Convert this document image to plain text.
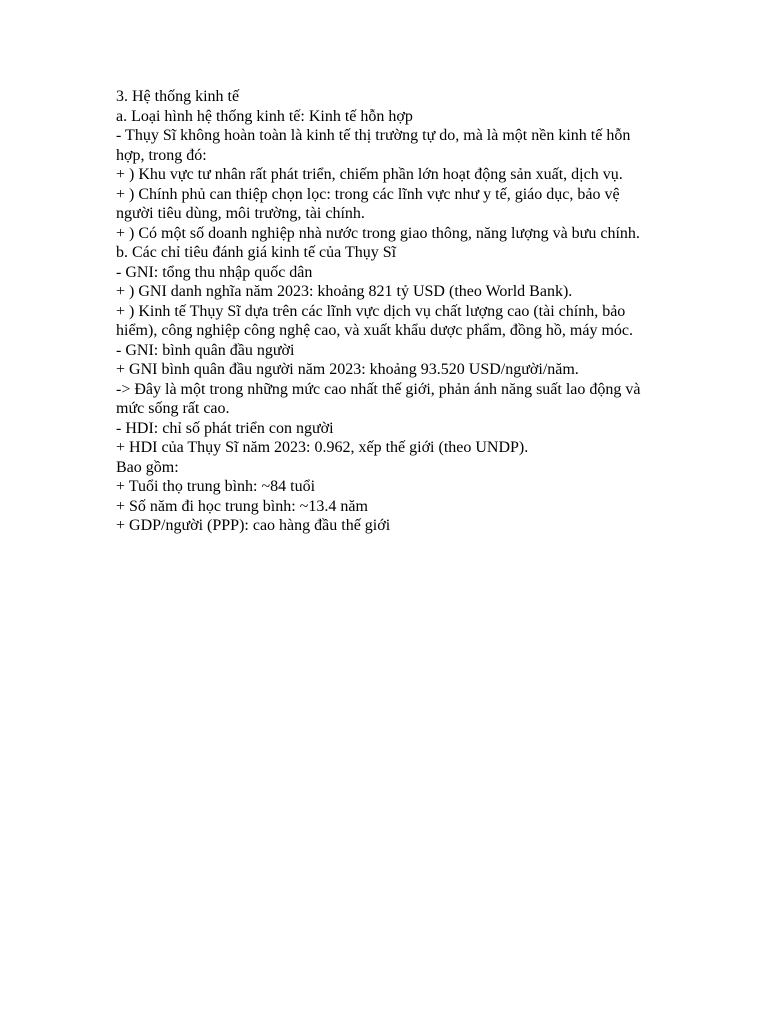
3. Hệ thống kinh tế

a. Loại hình hệ thống kinh tế: Kinh tế hỗn hợp

- Thụy Sĩ không hoàn toàn là kinh tế thị trường tự do, mà là một nền kinh tế hỗn hợp, trong đó:

+ ) Khu vực tư nhân rất phát triển, chiếm phần lớn hoạt động sản xuất, dịch vụ.

+ ) Chính phủ can thiệp chọn lọc: trong các lĩnh vực như y tế, giáo dục, bảo vệ người tiêu dùng, môi trường, tài chính.

+ ) Có một số doanh nghiệp nhà nước trong giao thông, năng lượng và bưu chính.

b. Các chỉ tiêu đánh giá kinh tế của Thụy Sĩ

- GNI: tổng thu nhập quốc dân

+ ) GNI danh nghĩa năm 2023: khoảng 821 tỷ USD (theo World Bank).

+ ) Kinh tế Thụy Sĩ dựa trên các lĩnh vực dịch vụ chất lượng cao (tài chính, bảo hiểm), công nghiệp công nghệ cao, và xuất khẩu dược phẩm, đồng hồ, máy móc.

- GNI: bình quân đầu người

+ GNI bình quân đầu người năm 2023: khoảng 93.520 USD/người/năm.

-> Đây là một trong những mức cao nhất thế giới, phản ánh năng suất lao động và mức sống rất cao.

- HDI: chỉ số phát triển con người

+ HDI của Thụy Sĩ năm 2023: 0.962, xếp thế giới (theo UNDP).

Bao gồm:

+ Tuổi thọ trung bình: ~84 tuổi

+ Số năm đi học trung bình: ~13.4 năm

+ GDP/người (PPP): cao hàng đầu thế giới
